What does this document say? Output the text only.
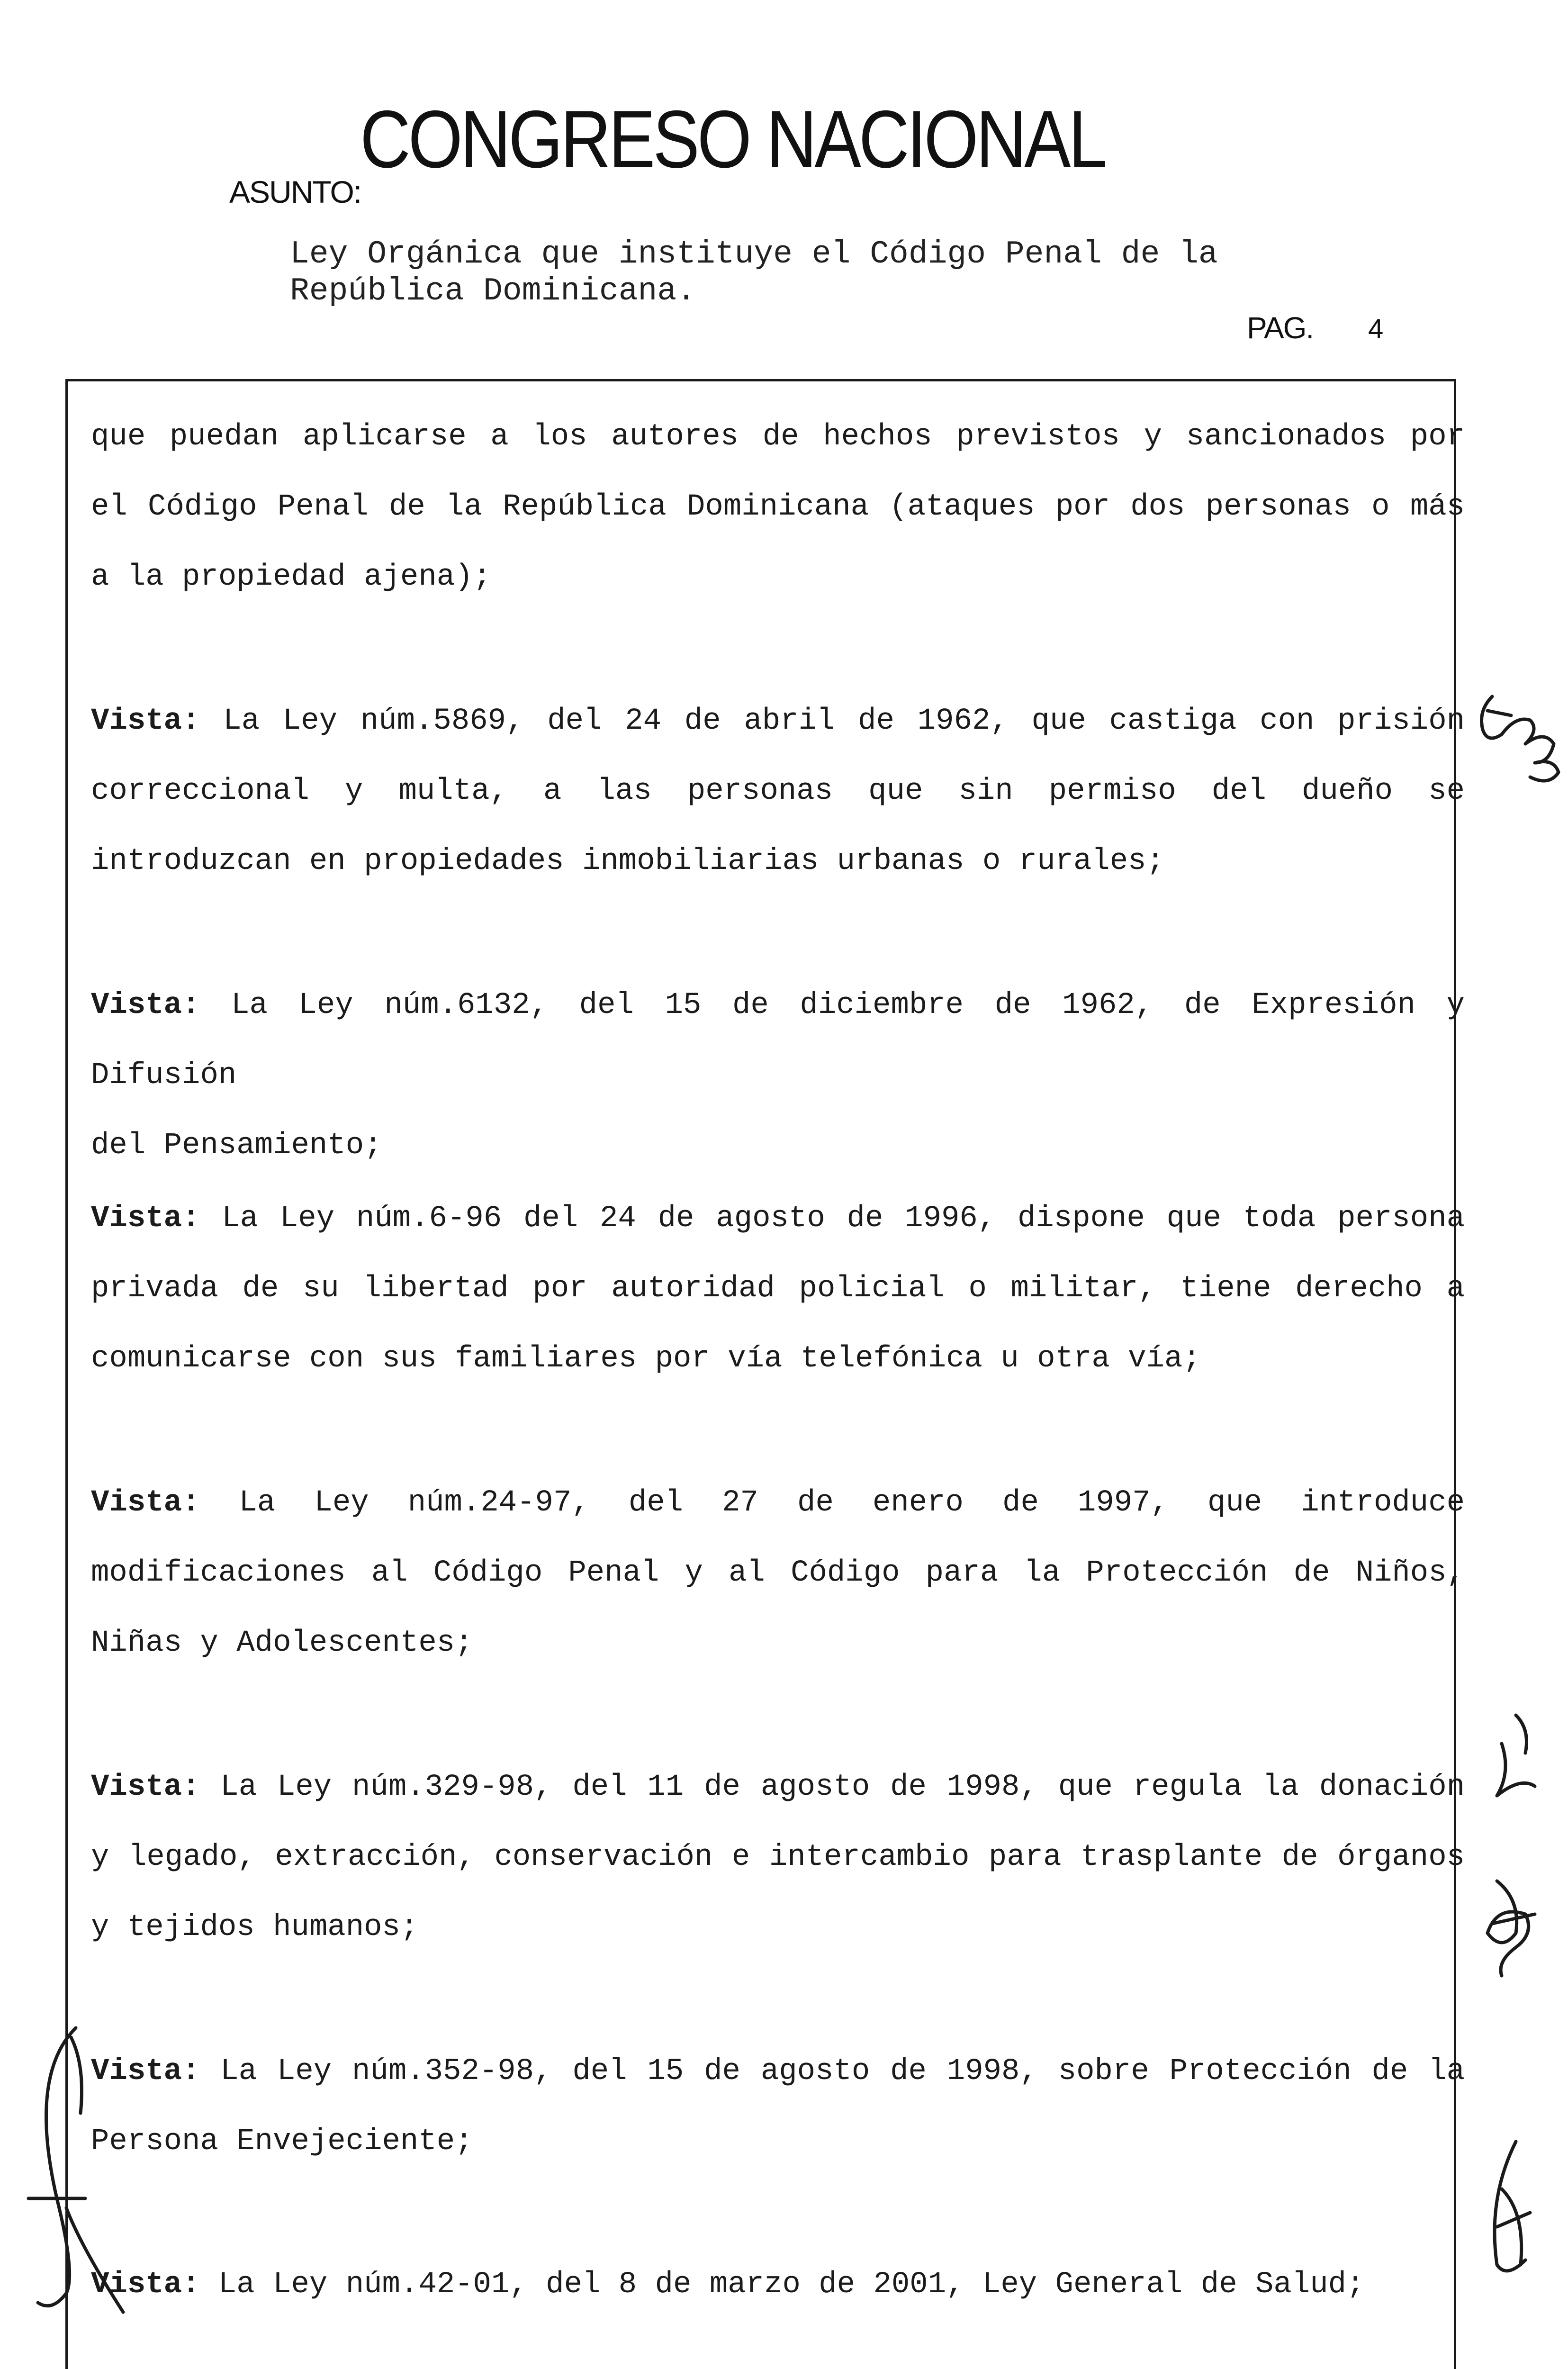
CONGRESO NACIONAL
ASUNTO:
Ley Orgánica que instituye el Código Penal de la
República Dominicana.
PAG. 4
que puedan aplicarse a los autores de hechos previstos y sancionados por
el Código Penal de la República Dominicana (ataques por dos personas o más
a la propiedad ajena);
Vista: La Ley núm.5869, del 24 de abril de 1962, que castiga con prisión
correccional y multa, a las personas que sin permiso del dueño se
introduzcan en propiedades inmobiliarias urbanas o rurales;
Vista: La Ley núm.6132, del 15 de diciembre de 1962, de Expresión y Difusión
del Pensamiento;
Vista: La Ley núm.6-96 del 24 de agosto de 1996, dispone que toda persona
privada de su libertad por autoridad policial o militar, tiene derecho a
comunicarse con sus familiares por vía telefónica u otra vía;
Vista: La Ley núm.24-97, del 27 de enero de 1997, que introduce
modificaciones al Código Penal y al Código para la Protección de Niños,
Niñas y Adolescentes;
Vista: La Ley núm.329-98, del 11 de agosto de 1998, que regula la donación
y legado, extracción, conservación e intercambio para trasplante de órganos
y tejidos humanos;
Vista: La Ley núm.352-98, del 15 de agosto de 1998, sobre Protección de la
Persona Envejeciente;
Vista: La Ley núm.42-01, del 8 de marzo de 2001, Ley General de Salud;
